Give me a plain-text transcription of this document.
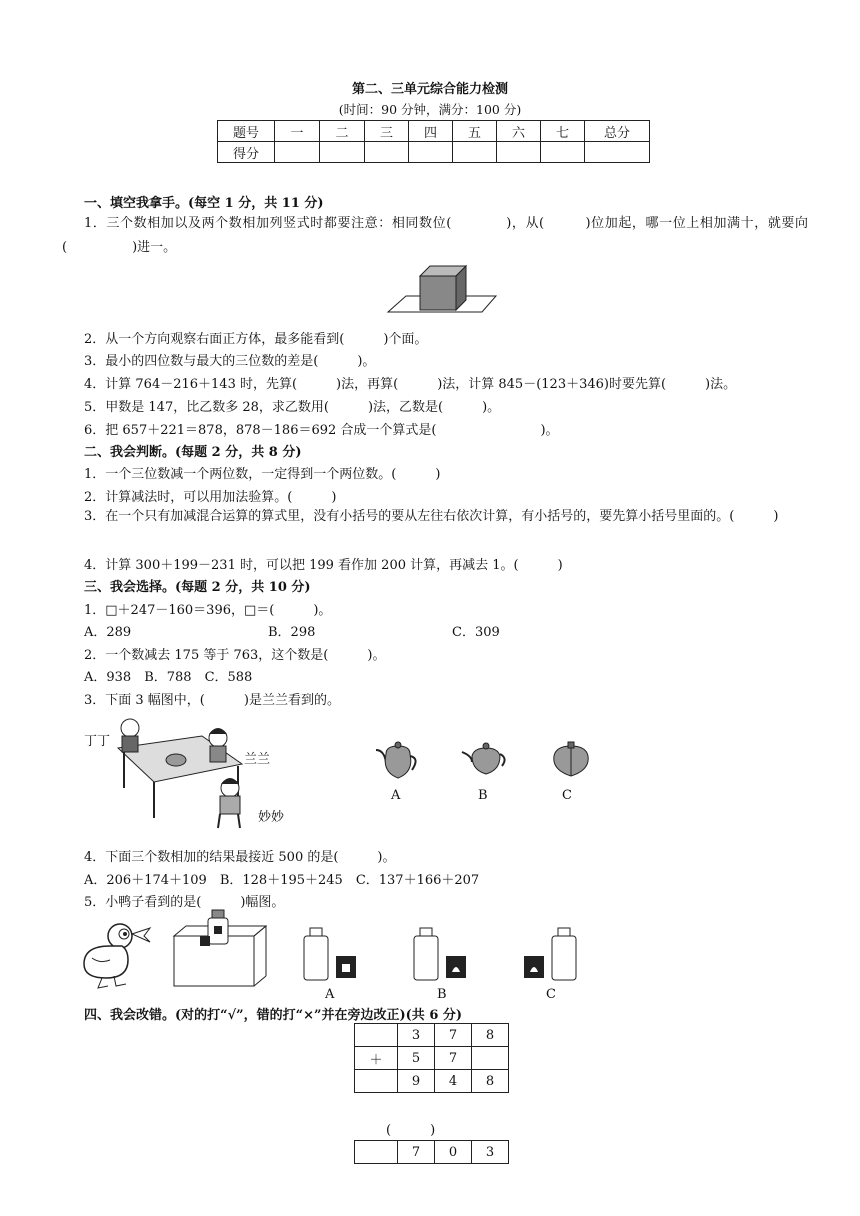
第二、三单元综合能力检测
(时间：90 分钟，满分：100 分)
题号	一	二	三	四	五	六	七	总分
得分								
一、填空我拿手。(每空 1 分，共 11 分)
1．三个数相加以及两个数相加列竖式时都要注意：相同数位(　　　　)，从(　　　)位加起，哪一位上相加满十，就要向(　　　　　)进一。
2．从一个方向观察右面正方体，最多能看到(　　　)个面。
3．最小的四位数与最大的三位数的差是(　　　)。
4．计算 764－216＋143 时，先算(　　　)法，再算(　　　)法，计算 845－(123＋346)时要先算(　　　)法。
5．甲数是 147，比乙数多 28，求乙数用(　　　)法，乙数是(　　　)。
6．把 657＋221＝878，878－186＝692 合成一个算式是(　　　　　　　　)。
二、我会判断。(每题 2 分，共 8 分)
1．一个三位数减一个两位数，一定得到一个两位数。(　　　)
2．计算减法时，可以用加法验算。(　　　)
3．在一个只有加减混合运算的算式里，没有小括号的要从左往右依次计算，有小括号的，要先算小括号里面的。(　　　)
4．计算 300＋199－231 时，可以把 199 看作加 200 计算，再减去 1。(　　　)
三、我会选择。(每题 2 分，共 10 分)
1．□＋247－160＝396，□＝(　　　)。
A．289	B．298	C．309
2．一个数减去 175 等于 763，这个数是(　　　)。
A．938　B．788　C．588
3．下面 3 幅图中，(　　　)是兰兰看到的。
丁丁
兰兰
妙妙
A	B	C
4．下面三个数相加的结果最接近 500 的是(　　　)。
A．206＋174＋109　B．128＋195＋245　C．137＋166＋207
5．小鸭子看到的是(　　　)幅图。
A	B	C
四、我会改错。(对的打“√”，错的打“×”并在旁边改正)(共 6 分)
	3	7	8
＋	5	7	
	9	4	8
(　　　)
	7	0	3
